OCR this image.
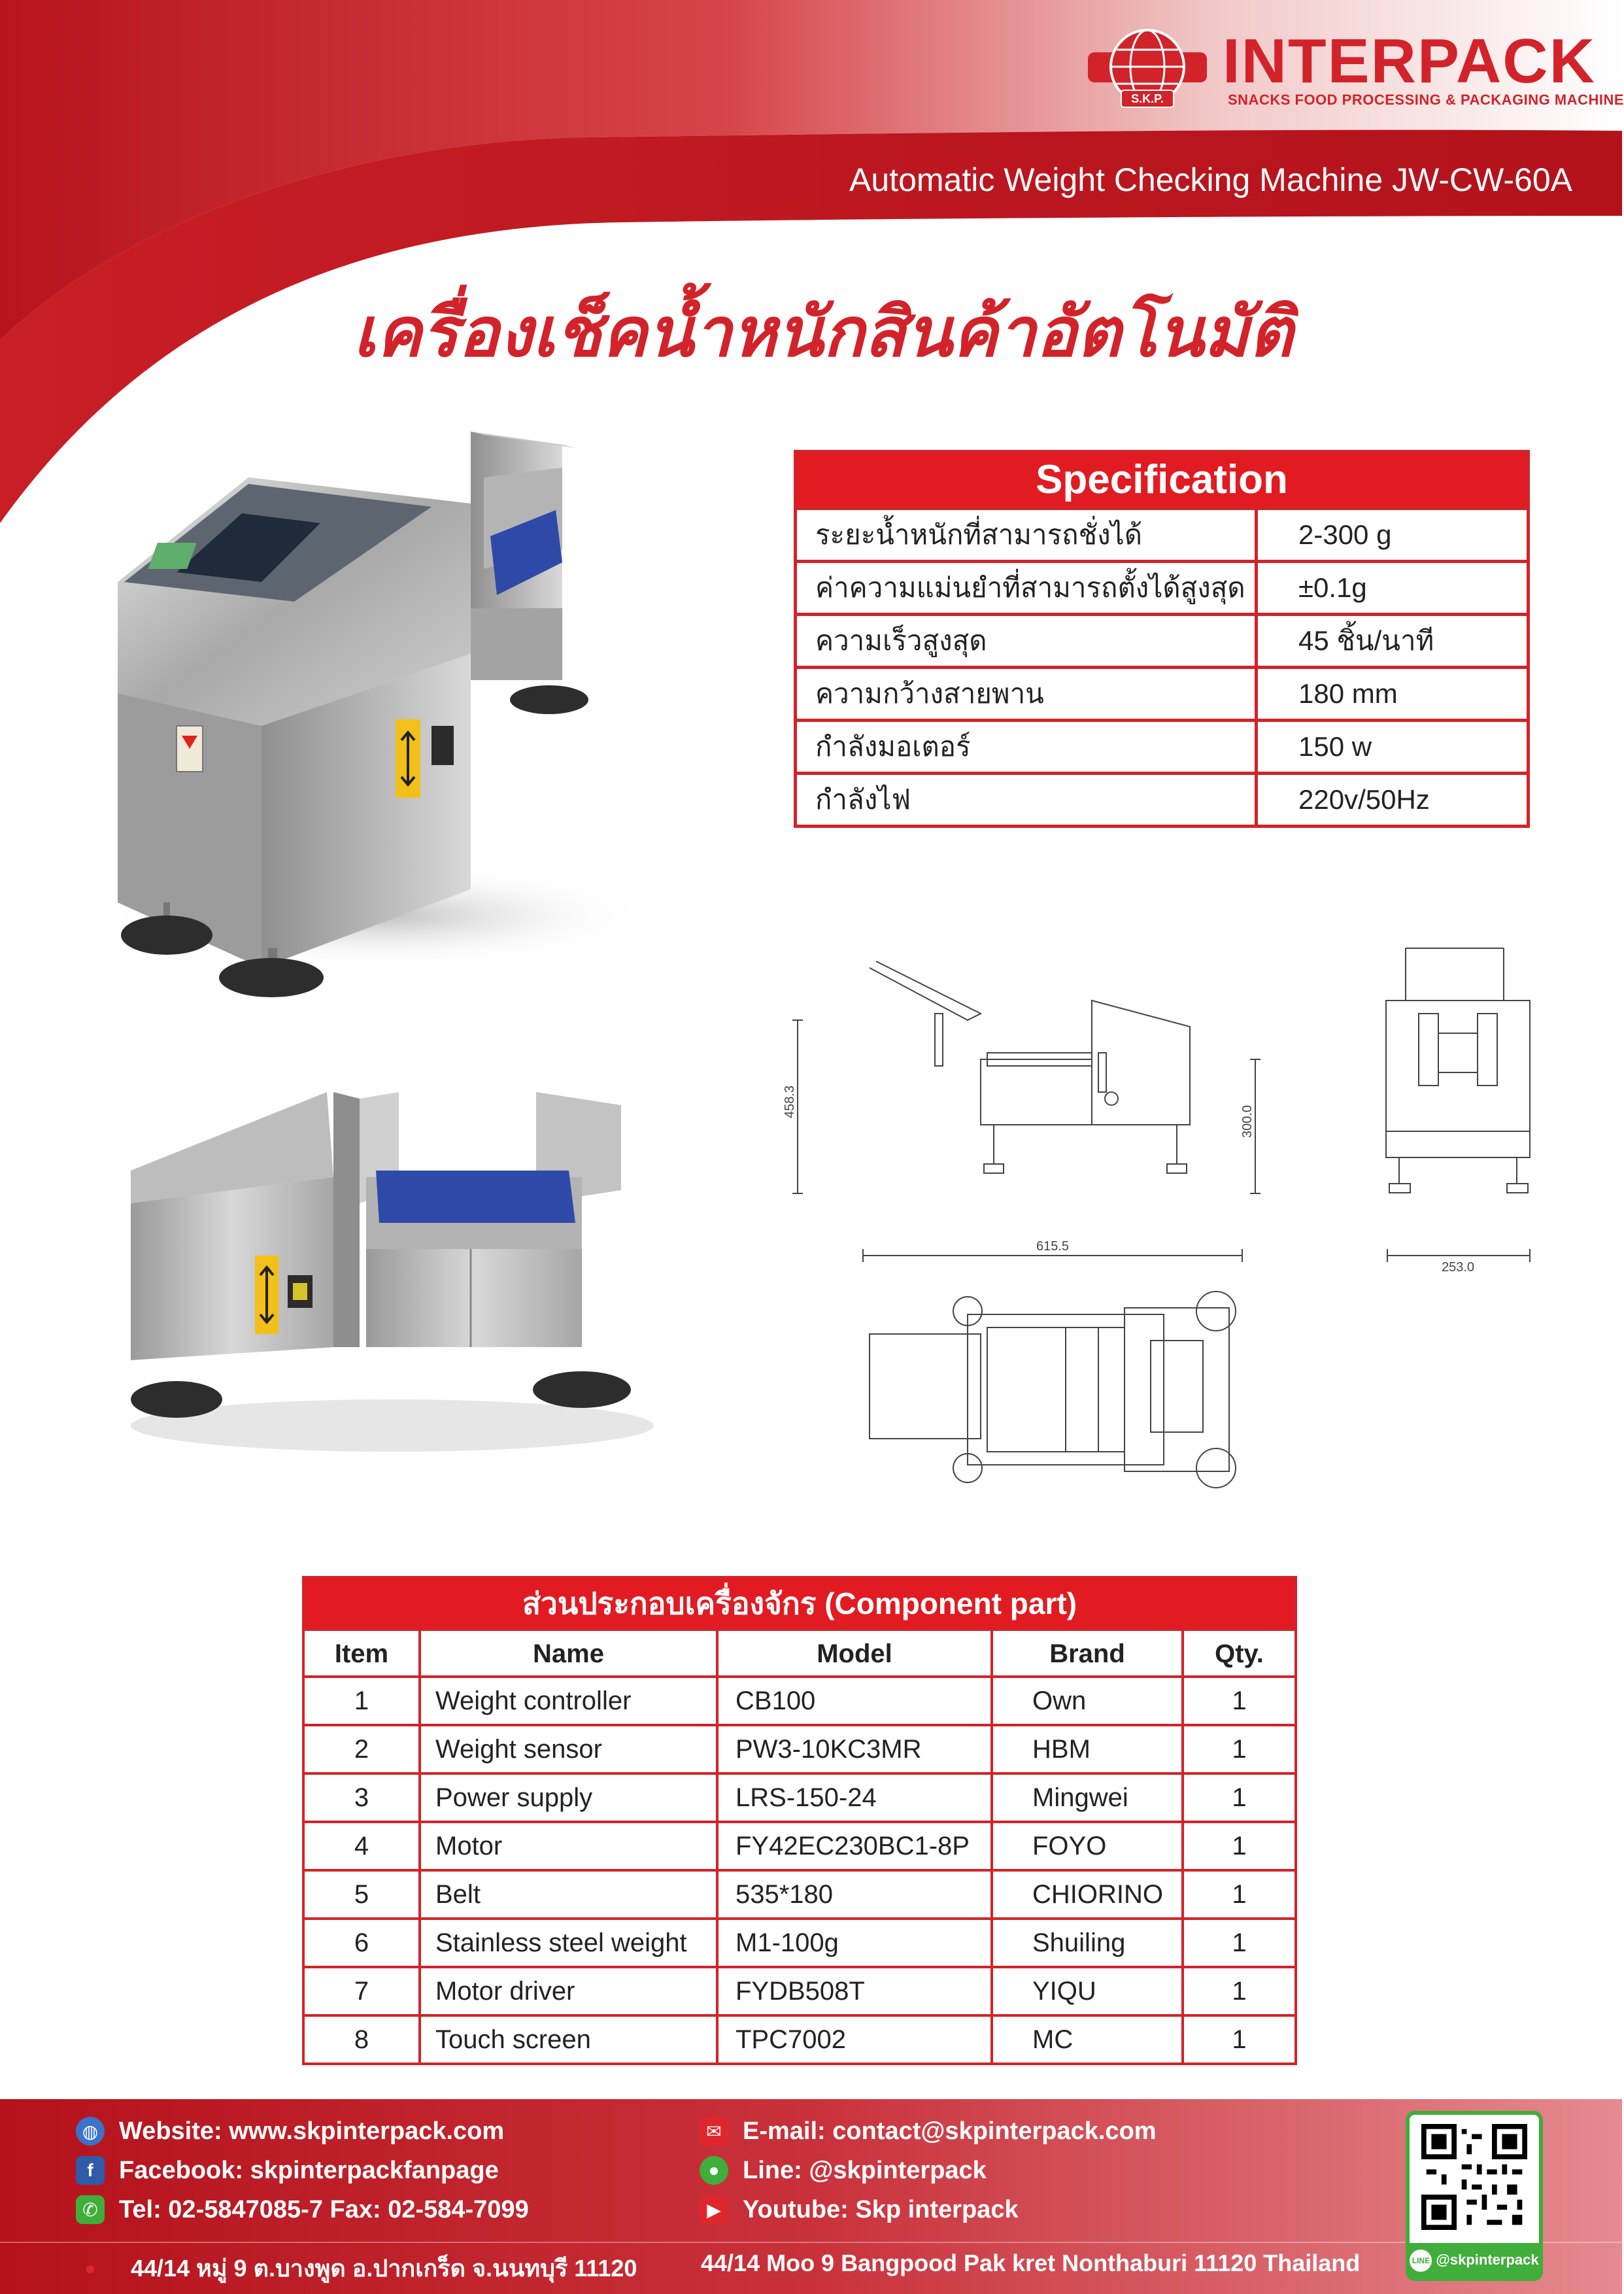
S.K.P.
INTERPACK
SNACKS FOOD PROCESSING & PACKAGING MACHINE
Automatic Weight Checking Machine JW-CW-60A
เครื่องเช็คน้ำหนักสินค้าอัตโนมัติ
Specification
ระยะน้ำหนักที่สามารถชั่งได้	2-300 g
ค่าความแม่นยำที่สามารถตั้งได้สูงสุด	±0.1g
ความเร็วสูงสุด	45 ชิ้น/นาที
ความกว้างสายพาน	180 mm
กำลังมอเตอร์	150 w
กำลังไฟ	220v/50Hz
458.3
300.0
253.0
615.5
ส่วนประกอบเครื่องจักร (Component part)
Item	Name	Model	Brand	Qty.
1	Weight controller	CB100	Own	1
2	Weight sensor	PW3-10KC3MR	HBM	1
3	Power supply	LRS-150-24	Mingwei	1
4	Motor	FY42EC230BC1-8P	FOYO	1
5	Belt	535*180	CHIORINO	1
6	Stainless steel weight	M1-100g	Shuiling	1
7	Motor driver	FYDB508T	YIQU	1
8	Touch screen	TPC7002	MC	1
◍ Website: www.skpinterpack.com
f	Facebook: skpinterpackfanpage
✆ Tel: 02-5847085-7 Fax: 02-584-7099
✉ E-mail: contact@skpinterpack.com
● Line: @skpinterpack
▶ Youtube: Skp interpack
●	44/14 หมู่ 9 ต.บางพูด อ.ปากเกร็ด จ.นนทบุรี 11120	44/14 Moo 9 Bangpood Pak kret Nonthaburi 11120 Thailand	LINE @skpinterpack
